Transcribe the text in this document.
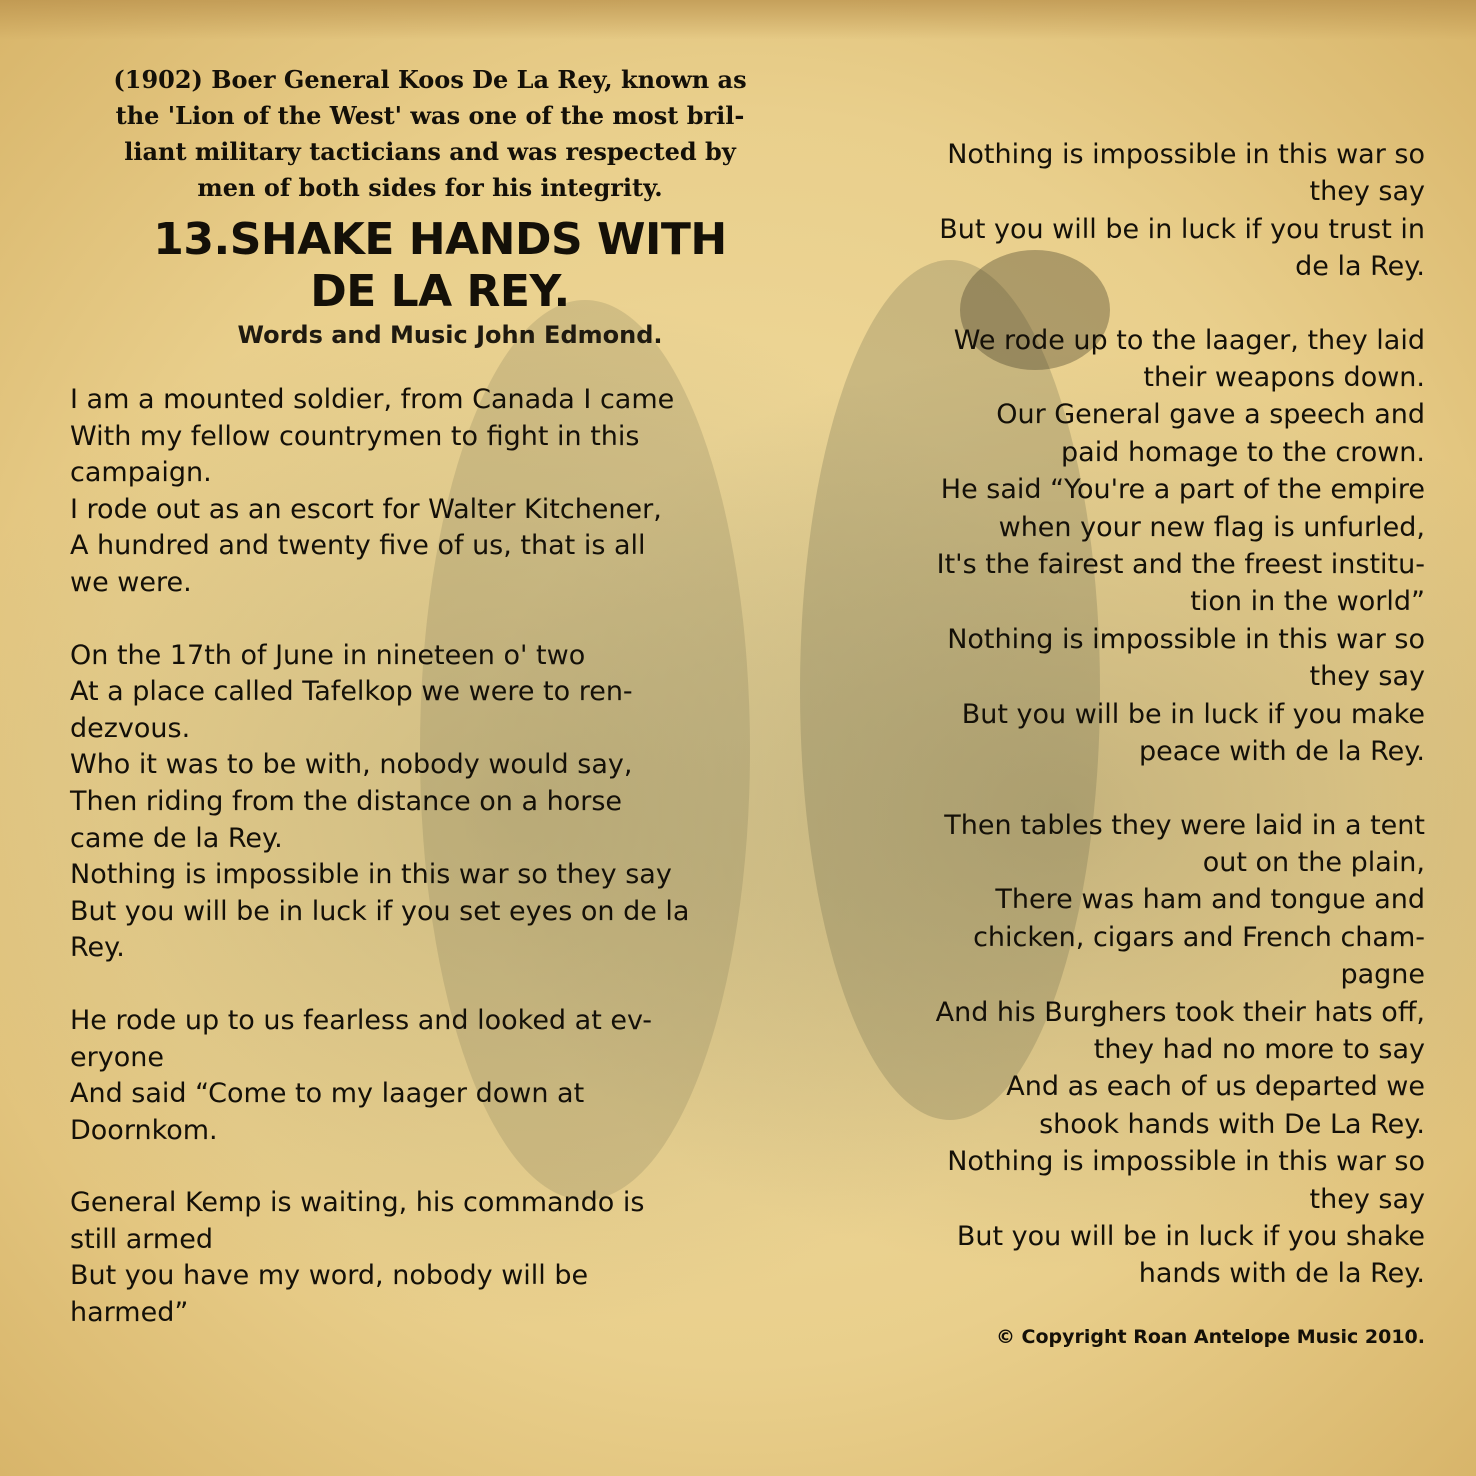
(1902) Boer General Koos De La Rey, known as
the 'Lion of the West' was one of the most bril-
liant military tacticians and was respected by
men of both sides for his integrity.
13.SHAKE HANDS WITH
DE LA REY.
Words and Music John Edmond.

I am a mounted soldier, from Canada I came
With my fellow countrymen to fight in this
campaign.
I rode out as an escort for Walter Kitchener,
A hundred and twenty five of us, that is all
we were.

On the 17th of June in nineteen o' two
At a place called Tafelkop we were to ren-
dezvous.
Who it was to be with, nobody would say,
Then riding from the distance on a horse
came de la Rey.
Nothing is impossible in this war so they say
But you will be in luck if you set eyes on de la
Rey.

He rode up to us fearless and looked at ev-
eryone
And said “Come to my laager down at
Doornkom.

General Kemp is waiting, his commando is
still armed
But you have my word, nobody will be
harmed”

Nothing is impossible in this war so
they say
But you will be in luck if you trust in
de la Rey.

We rode up to the laager, they laid
their weapons down.
Our General gave a speech and
paid homage to the crown.
He said “You're a part of the empire
when your new flag is unfurled,
It's the fairest and the freest institu-
tion in the world”
Nothing is impossible in this war so
they say
But you will be in luck if you make
peace with de la Rey.

Then tables they were laid in a tent
out on the plain,
There was ham and tongue and
chicken, cigars and French cham-
pagne
And his Burghers took their hats off,
they had no more to say
And as each of us departed we
shook hands with De La Rey.
Nothing is impossible in this war so
they say
But you will be in luck if you shake
hands with de la Rey.

© Copyright Roan Antelope Music 2010.
